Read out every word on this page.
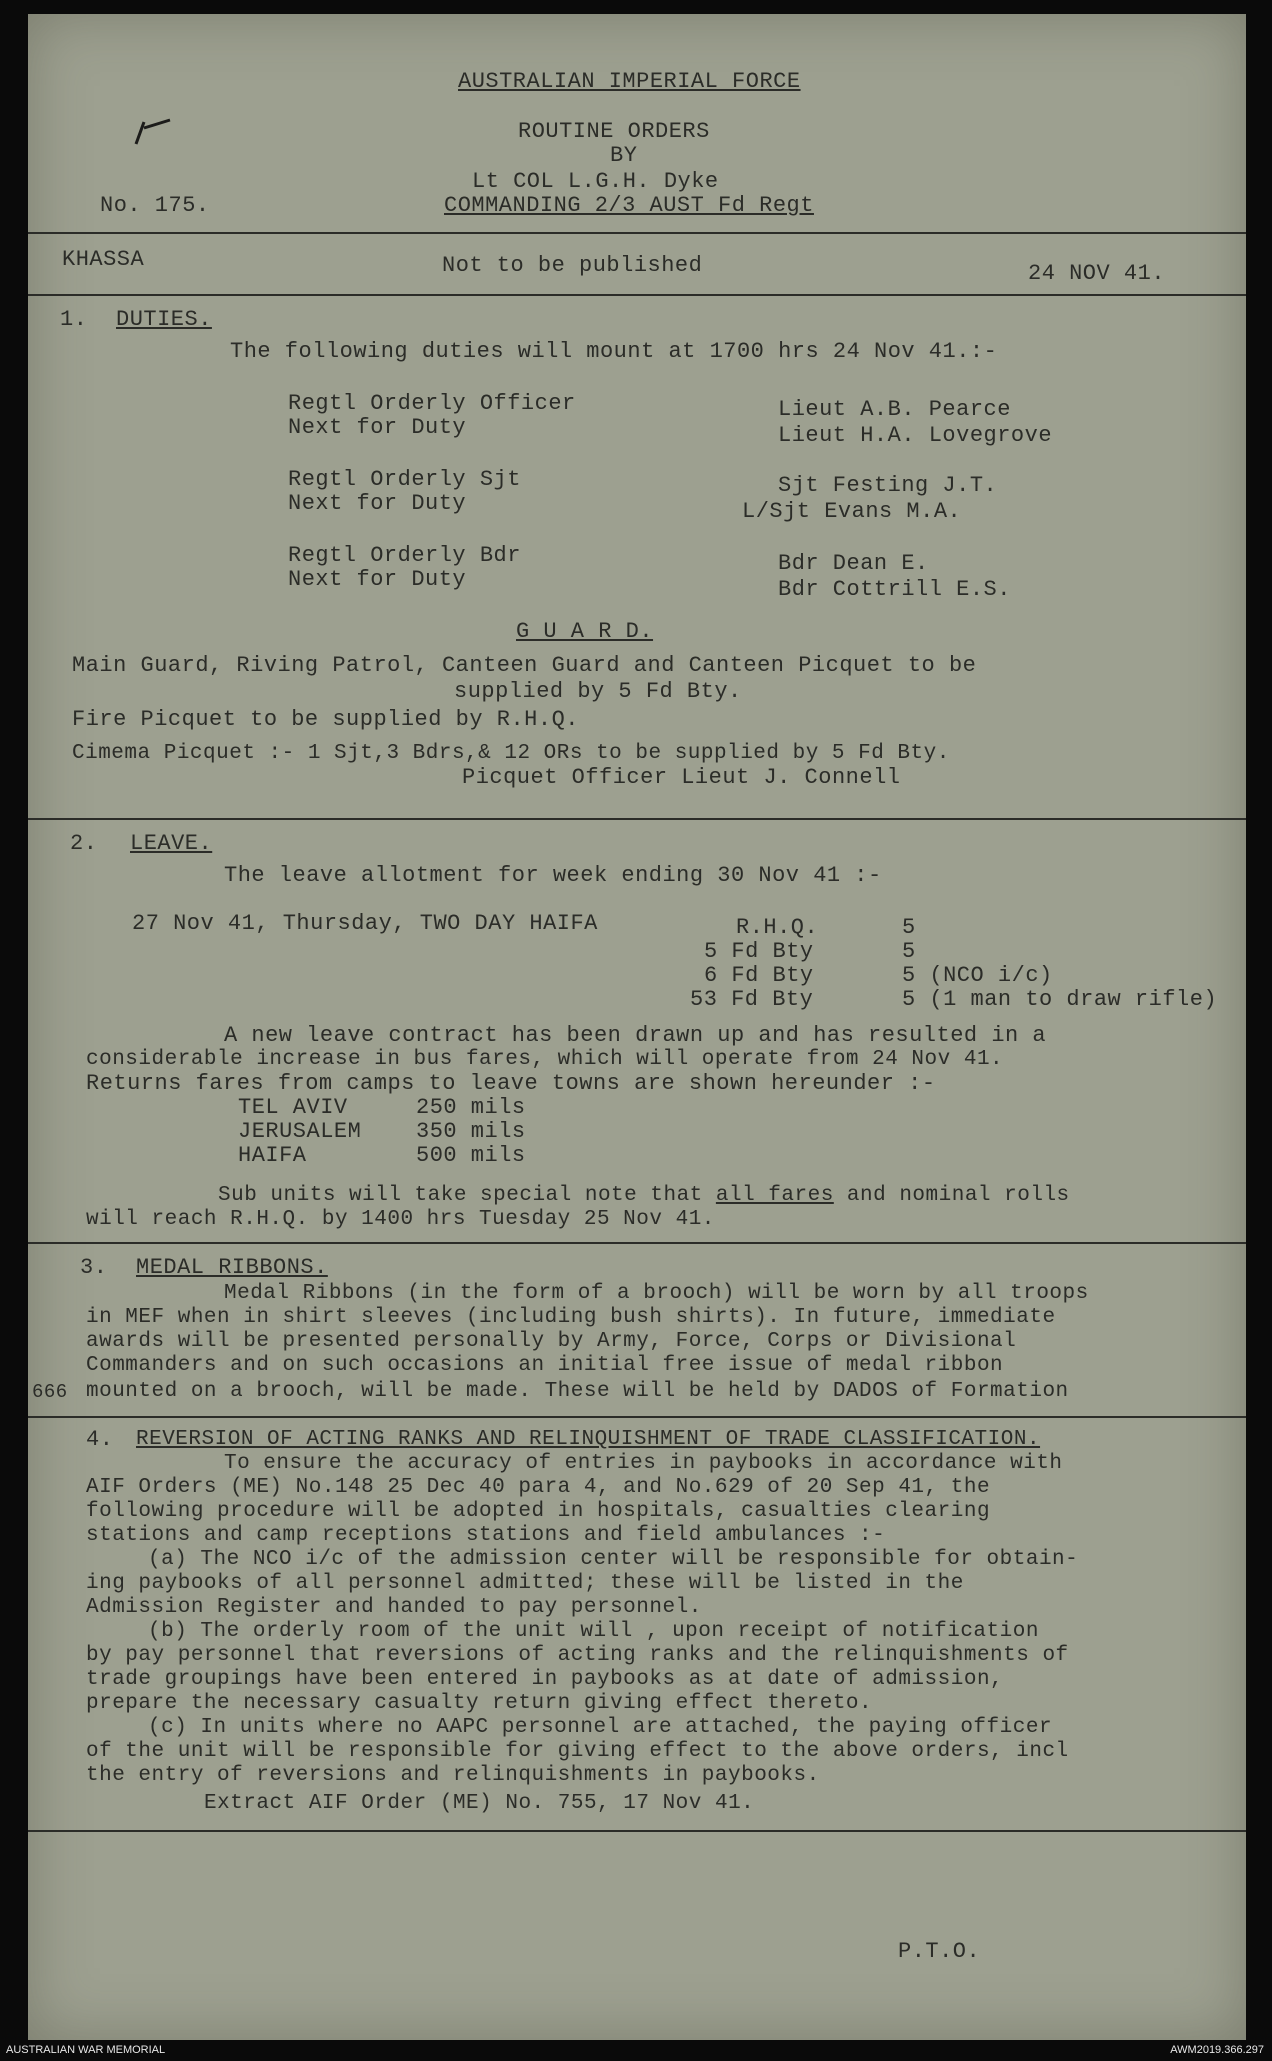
AUSTRALIAN IMPERIAL FORCE
ROUTINE ORDERS
BY
Lt COL L.G.H. Dyke
No. 175.	COMMANDING 2/3 AUST Fd Regt
KHASSA	Not to be published	24 NOV 41.
1. DUTIES.
The following duties will mount at 1700 hrs 24 Nov 41.:-
Regtl Orderly Officer	Lieut A.B. Pearce
Next for Duty	Lieut H.A. Lovegrove
Regtl Orderly Sjt	Sjt Festing J.T.
Next for Duty	L/Sjt Evans M.A.
Regtl Orderly Bdr	Bdr Dean E.
Next for Duty	Bdr Cottrill E.S.
G U A R D.
Main Guard, Riving Patrol, Canteen Guard and Canteen Picquet to be
supplied by 5 Fd Bty.
Fire Picquet to be supplied by R.H.Q.
Cimema Picquet :- 1 Sjt,3 Bdrs,& 12 ORs to be supplied by 5 Fd Bty.
Picquet Officer Lieut J. Connell
2. LEAVE.
The leave allotment for week ending 30 Nov 41 :-
27 Nov 41, Thursday, TWO DAY HAIFA	R.H.Q.	5
5 Fd Bty	5
6 Fd Bty	5 (NCO i/c)
53 Fd Bty	5 (1 man to draw rifle)
A new leave contract has been drawn up and has resulted in a
considerable increase in bus fares, which will operate from 24 Nov 41.
Returns fares from camps to leave towns are shown hereunder :-
TEL AVIV	250 mils
JERUSALEM 350 mils
HAIFA	500 mils
Sub units will take special note that all fares and nominal rolls
will reach R.H.Q. by 1400 hrs Tuesday 25 Nov 41.
3. MEDAL RIBBONS.
Medal Ribbons (in the form of a brooch) will be worn by all troops
in MEF when in shirt sleeves (including bush shirts). In future, immediate
awards will be presented personally by Army, Force, Corps or Divisional
Commanders and on such occasions an initial free issue of medal ribbon
666 mounted on a brooch, will be made. These will be held by DADOS of Formation
4. REVERSION OF ACTING RANKS AND RELINQUISHMENT OF TRADE CLASSIFICATION.
To ensure the accuracy of entries in paybooks in accordance with
AIF Orders (ME) No.148 25 Dec 40 para 4, and No.629 of 20 Sep 41, the
following procedure will be adopted in hospitals, casualties clearing
stations and camp receptions stations and field ambulances :-
(a) The NCO i/c of the admission center will be responsible for obtain-
ing paybooks of all personnel admitted; these will be listed in the
Admission Register and handed to pay personnel.
(b) The orderly room of the unit will , upon receipt of notification
by pay personnel that reversions of acting ranks and the relinquishments of
trade groupings have been entered in paybooks as at date of admission,
prepare the necessary casualty return giving effect thereto.
(c) In units where no AAPC personnel are attached, the paying officer
of the unit will be responsible for giving effect to the above orders, incl
the entry of reversions and relinquishments in paybooks.
Extract AIF Order (ME) No. 755, 17 Nov 41.
P.T.O.
AUSTRALIAN WAR MEMORIAL	AWM2019.366.297
